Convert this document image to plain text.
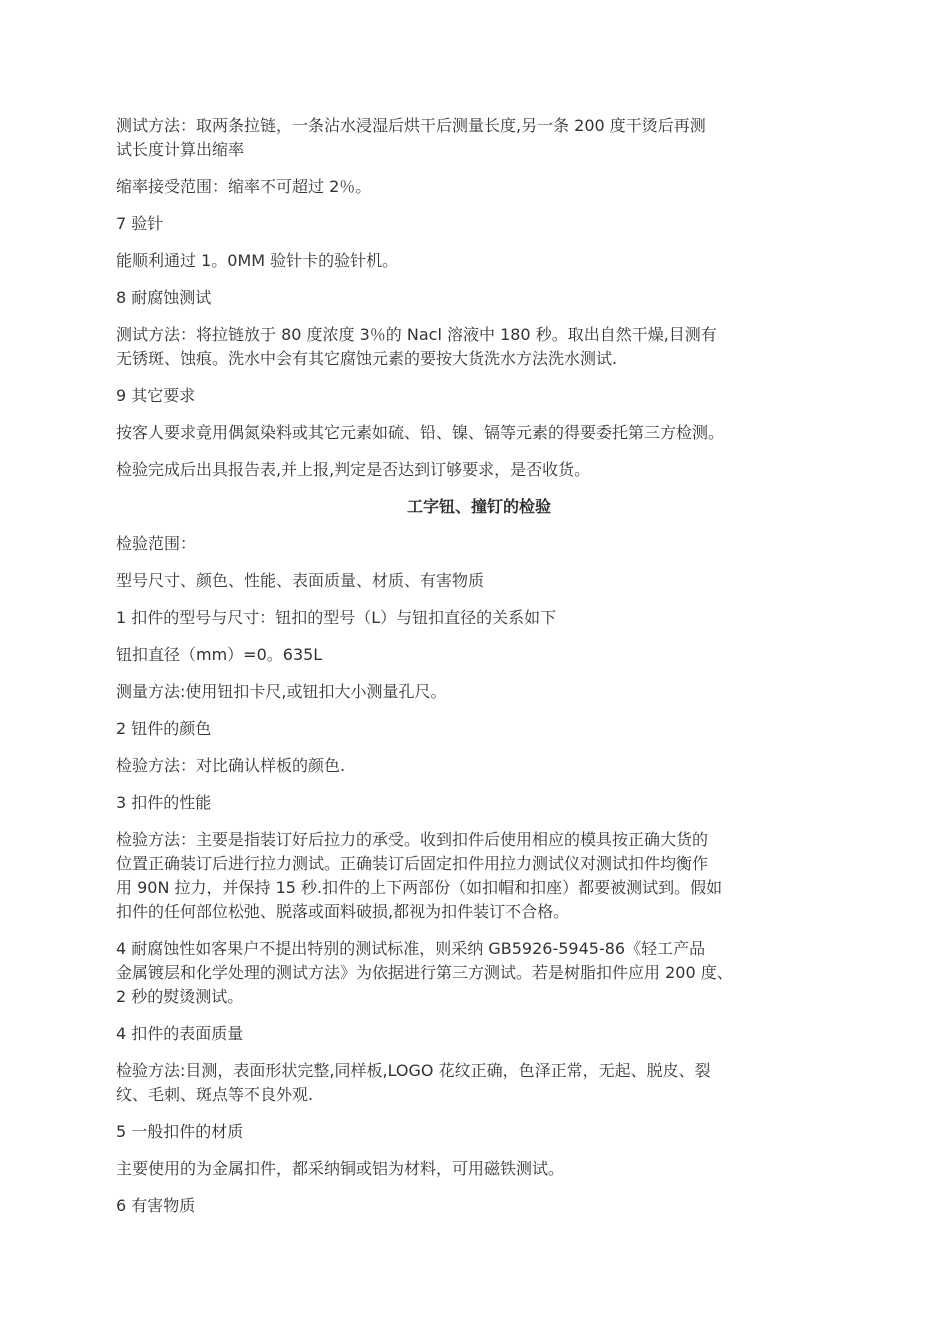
测试方法：取两条拉链，一条沾水浸湿后烘干后测量长度,另一条 200 度干烫后再测
试长度计算出缩率
缩率接受范围：缩率不可超过 2％。
7 验针
能顺利通过 1。0MM 验针卡的验针机。
8 耐腐蚀测试
测试方法：将拉链放于 80 度浓度 3％的 Nacl 溶液中 180 秒。取出自然干燥,目测有
无锈斑、蚀痕。洗水中会有其它腐蚀元素的要按大货洗水方法洗水测试.
9 其它要求
按客人要求竟用偶氮染料或其它元素如硫、铅、镍、镉等元素的得要委托第三方检测。
检验完成后出具报告表,并上报,判定是否达到订够要求，是否收货。
工字钮、撞钉的检验
检验范围：
型号尺寸、颜色、性能、表面质量、材质、有害物质
1 扣件的型号与尺寸：钮扣的型号（L）与钮扣直径的关系如下
钮扣直径（mm）=0。635L
测量方法:使用钮扣卡尺,或钮扣大小测量孔尺。
2 钮件的颜色
检验方法：对比确认样板的颜色.
3 扣件的性能
检验方法：主要是指装订好后拉力的承受。收到扣件后使用相应的模具按正确大货的
位置正确装订后进行拉力测试。正确装订后固定扣件用拉力测试仪对测试扣件均衡作
用 90N 拉力，并保持 15 秒.扣件的上下两部份（如扣帽和扣座）都要被测试到。假如
扣件的任何部位松弛、脱落或面料破损,都视为扣件装订不合格。
4 耐腐蚀性如客果户不提出特别的测试标准，则采纳 GB5926-5945-86《轻工产品
金属镀层和化学处理的测试方法》为依据进行第三方测试。若是树脂扣件应用 200 度、
2 秒的熨烫测试。
4 扣件的表面质量
检验方法:目测，表面形状完整,同样板,LOGO 花纹正确，色泽正常，无起、脱皮、裂
纹、毛刺、斑点等不良外观.
5 一般扣件的材质
主要使用的为金属扣件，都采纳铜或铝为材料，可用磁铁测试。
6 有害物质
